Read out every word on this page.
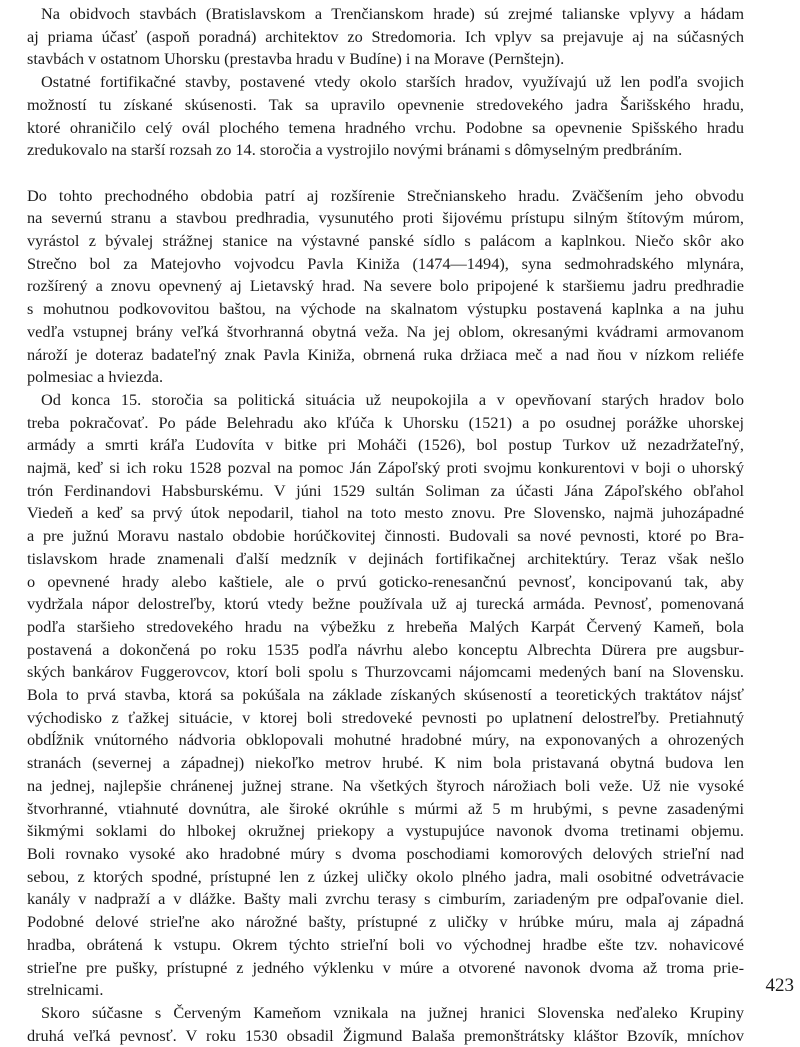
Na obidvoch stavbách (Bratislavskom a Trenčianskom hrade) sú zrejmé talianske vplyvy a hádam
aj priama účasť (aspoň poradná) architektov zo Stredomoria. Ich vplyv sa prejavuje aj na súčasných
stavbách v ostatnom Uhorsku (prestavba hradu v Budíne) i na Morave (Pernštejn).

Ostatné fortifikačné stavby, postavené vtedy okolo starších hradov, využívajú už len podľa svojich
možností tu získané skúsenosti. Tak sa upravilo opevnenie stredovekého jadra Šarišského hradu,
ktoré ohraničilo celý ovál plochého temena hradného vrchu. Podobne sa opevnenie Spišského hradu
zredukovalo na starší rozsah zo 14. storočia a vystrojilo novými bránami s dômyselným predbráním.

Do tohto prechodného obdobia patrí aj rozšírenie Strečnianskeho hradu. Zväčšením jeho obvodu
na severnú stranu a stavbou predhradia, vysunutého proti šijovému prístupu silným štítovým múrom,
vyrástol z bývalej strážnej stanice na výstavné panské sídlo s palácom a kaplnkou. Niečo skôr ako
Strečno bol za Matejovho vojvodcu Pavla Kiniža (1474—1494), syna sedmohradského mlynára,
rozšírený a znovu opevnený aj Lietavský hrad. Na severe bolo pripojené k staršiemu jadru predhradie
s mohutnou podkovovitou baštou, na východe na skalnatom výstupku postavená kaplnka a na juhu
vedľa vstupnej brány veľká štvorhranná obytná veža. Na jej oblom, okresanými kvádrami armovanom
nároží je doteraz badateľný znak Pavla Kiniža, obrnená ruka držiaca meč a nad ňou v nízkom reliéfe
polmesiac a hviezda.

Od konca 15. storočia sa politická situácia už neupokojila a v opevňovaní starých hradov bolo
treba pokračovať. Po páde Belehradu ako kľúča k Uhorsku (1521) a po osudnej porážke uhorskej
armády a smrti kráľa Ľudovíta v bitke pri Moháči (1526), bol postup Turkov už nezadržateľný,
najmä, keď si ich roku 1528 pozval na pomoc Ján Zápoľský proti svojmu konkurentovi v boji o uhorský
trón Ferdinandovi Habsburskému. V júni 1529 sultán Soliman za účasti Jána Zápoľského obľahol
Viedeň a keď sa prvý útok nepodaril, tiahol na toto mesto znovu. Pre Slovensko, najmä juhozápadné
a pre južnú Moravu nastalo obdobie horúčkovitej činnosti. Budovali sa nové pevnosti, ktoré po Bra-
tislavskom hrade znamenali ďalší medzník v dejinách fortifikačnej architektúry. Teraz však nešlo
o opevnené hrady alebo kaštiele, ale o prvú goticko-renesančnú pevnosť, koncipovanú tak, aby
vydržala nápor delostreľby, ktorú vtedy bežne používala už aj turecká armáda. Pevnosť, pomenovaná
podľa staršieho stredovekého hradu na výbežku z hrebeňa Malých Karpát Červený Kameň, bola
postavená a dokončená po roku 1535 podľa návrhu alebo konceptu Albrechta Dürera pre augsbur-
ských bankárov Fuggerovcov, ktorí boli spolu s Thurzovcami nájomcami medených baní na Slovensku.
Bola to prvá stavba, ktorá sa pokúšala na základe získaných skúseností a teoretických traktátov nájsť
východisko z ťažkej situácie, v ktorej boli stredoveké pevnosti po uplatnení delostreľby. Pretiahnutý
obdĺžnik vnútorného nádvoria obklopovali mohutné hradobné múry, na exponovaných a ohrozených
stranách (severnej a západnej) niekoľko metrov hrubé. K nim bola pristavaná obytná budova len
na jednej, najlepšie chránenej južnej strane. Na všetkých štyroch nárožiach boli veže. Už nie vysoké
štvorhranné, vtiahnuté dovnútra, ale široké okrúhle s múrmi až 5 m hrubými, s pevne zasadenými
šikmými soklami do hlbokej okružnej priekopy a vystupujúce navonok dvoma tretinami objemu.
Boli rovnako vysoké ako hradobné múry s dvoma poschodiami komorových delových strieľní nad
sebou, z ktorých spodné, prístupné len z úzkej uličky okolo plného jadra, mali osobitné odvetrávacie
kanály v nadpraží a v dlážke. Bašty mali zvrchu terasy s cimburím, zariadeným pre odpaľovanie diel.
Podobné delové strieľne ako nárožné bašty, prístupné z uličky v hrúbke múru, mala aj západná
hradba, obrátená k vstupu. Okrem týchto strieľní boli vo východnej hradbe ešte tzv. nohavicové
strieľne pre pušky, prístupné z jedného výklenku v múre a otvorené navonok dvoma až troma prie-
strelnicami.

Skoro súčasne s Červeným Kameňom vznikala na južnej hranici Slovenska neďaleko Krupiny
druhá veľká pevnosť. V roku 1530 obsadil Žigmund Balaša premonštrátsky kláštor Bzovík, mníchov

423
